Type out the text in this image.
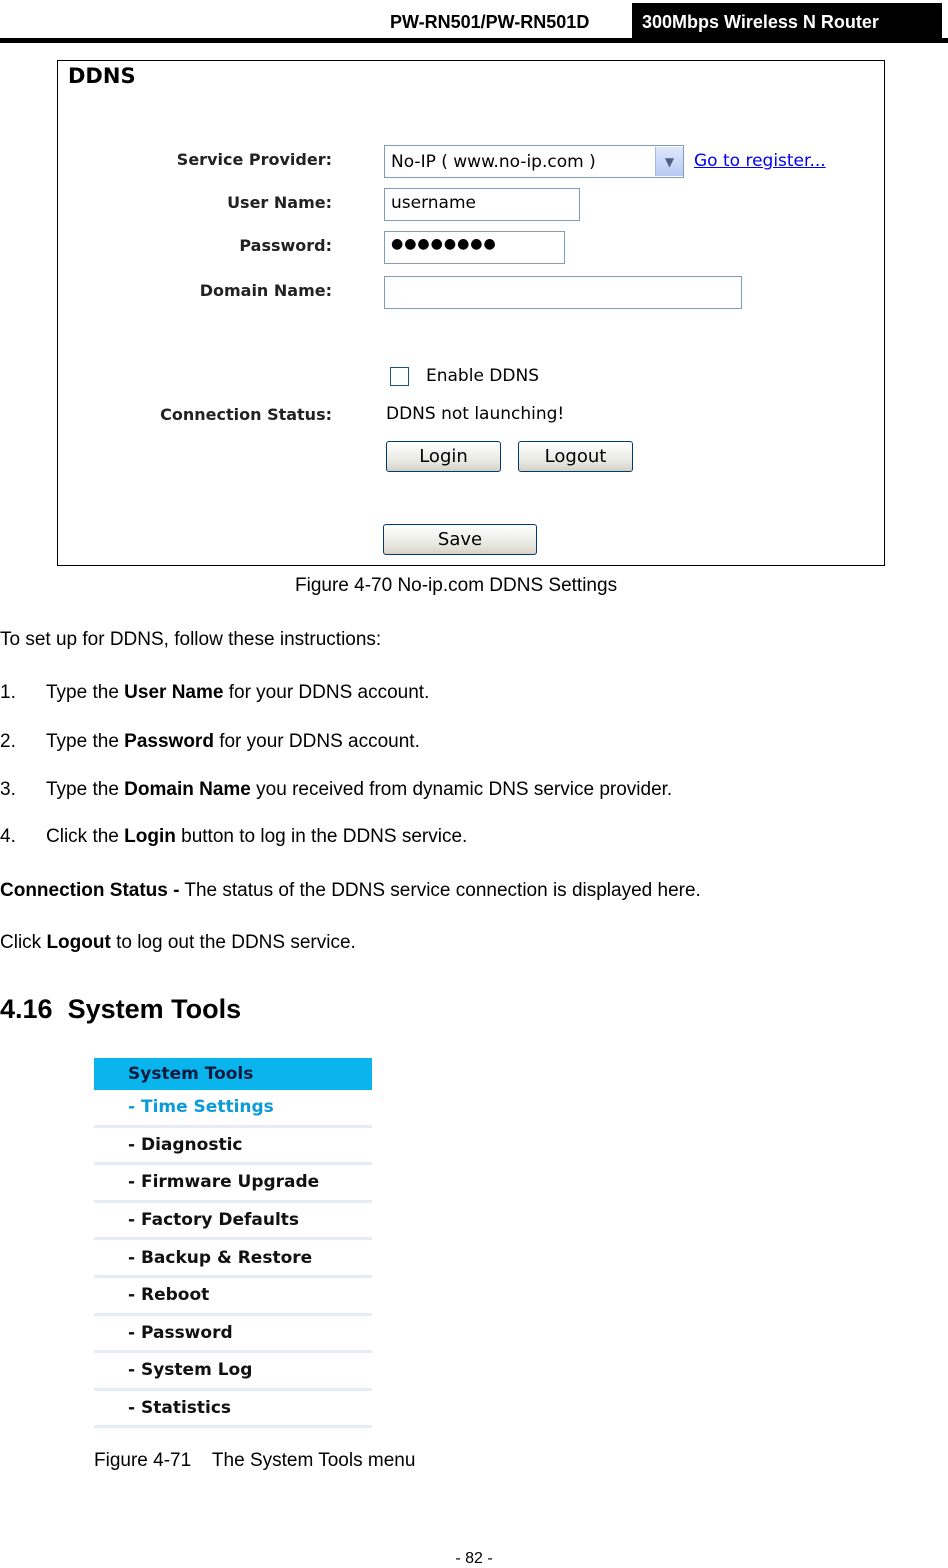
PW-RN501/PW-RN501D	300Mbps Wireless N Router
DDNS
Service Provider:	No-IP ( www.no-ip.com )	▼	Go to register...
User Name:	username
Password:	●●●●●●●●
Domain Name:
Enable DDNS
Connection Status:	DDNS not launching!
Login	Logout
Save
Figure 4-70 No-ip.com DDNS Settings
To set up for DDNS, follow these instructions:
1. Type the User Name for your DDNS account.
2. Type the Password for your DDNS account.
3. Type the Domain Name you received from dynamic DNS service provider.
4. Click the Login button to log in the DDNS service.
Connection Status - The status of the DDNS service connection is displayed here.
Click Logout to log out the DDNS service.
4.16 System Tools
System Tools
- Time Settings
- Diagnostic
- Firmware Upgrade
- Factory Defaults
- Backup & Restore
- Reboot
- Password
- System Log
- Statistics
Figure 4-71    The System Tools menu
- 82 -
